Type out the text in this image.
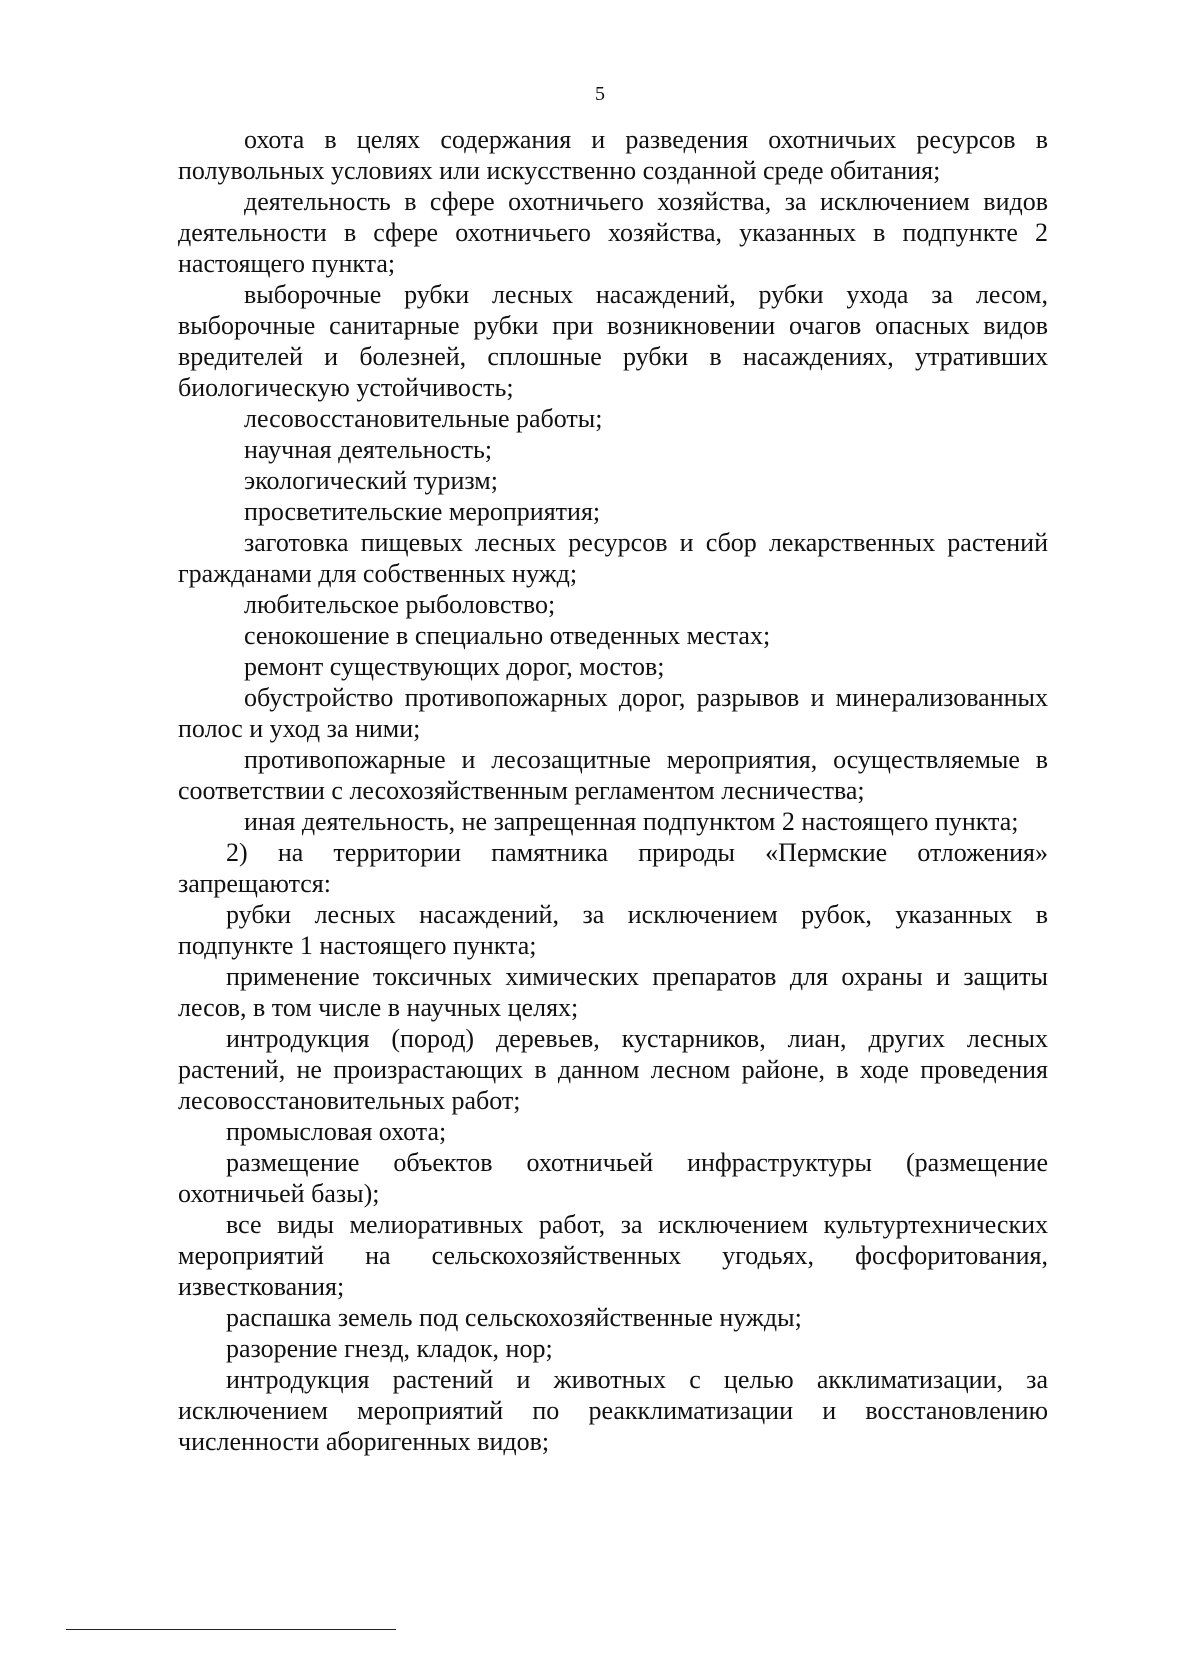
5

охота в целях содержания и разведения охотничьих ресурсов в полувольных условиях или искусственно созданной среде обитания;

деятельность в сфере охотничьего хозяйства, за исключением видов деятельности в сфере охотничьего хозяйства, указанных в подпункте 2 настоящего пункта;

выборочные рубки лесных насаждений, рубки ухода за лесом, выборочные санитарные рубки при возникновении очагов опасных видов вредителей и болезней, сплошные рубки в насаждениях, утративших биологическую устойчивость;

лесовосстановительные работы;

научная деятельность;

экологический туризм;

просветительские мероприятия;

заготовка пищевых лесных ресурсов и сбор лекарственных растений гражданами для собственных нужд;

любительское рыболовство;

сенокошение в специально отведенных местах;

ремонт существующих дорог, мостов;

обустройство противопожарных дорог, разрывов и минерализованных полос и уход за ними;

противопожарные и лесозащитные мероприятия, осуществляемые в соответствии с лесохозяйственным регламентом лесничества;

иная деятельность, не запрещенная подпунктом 2 настоящего пункта;

2) на территории памятника природы «Пермские отложения» запрещаются:

рубки лесных насаждений, за исключением рубок, указанных в подпункте 1 настоящего пункта;

применение токсичных химических препаратов для охраны и защиты лесов, в том числе в научных целях;

интродукция (пород) деревьев, кустарников, лиан, других лесных растений, не произрастающих в данном лесном районе, в ходе проведения лесовосстановительных работ;

промысловая охота;

размещение объектов охотничьей инфраструктуры (размещение охотничьей базы);

все виды мелиоративных работ, за исключением культуртехнических мероприятий на сельскохозяйственных угодьях, фосфоритования, известкования;

распашка земель под сельскохозяйственные нужды;

разорение гнезд, кладок, нор;

интродукция растений и животных с целью акклиматизации, за исключением мероприятий по реакклиматизации и восстановлению численности аборигенных видов;
